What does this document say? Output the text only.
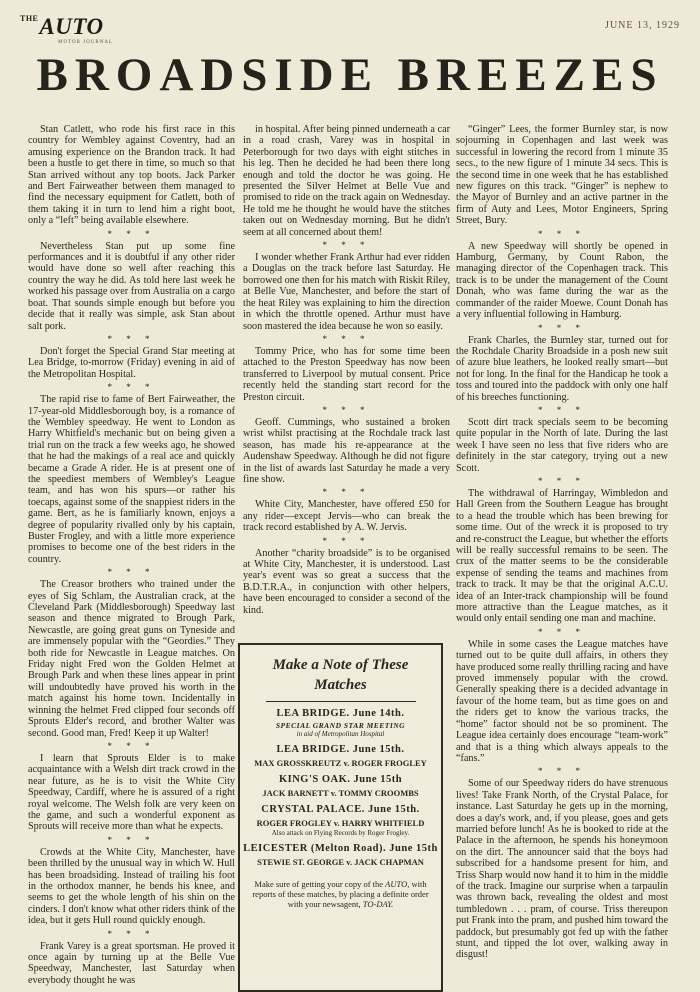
$^{THE}$AUTO
MOTOR JOURNAL
JUNE 13, 1929
BROADSIDE BREEZES

Stan Catlett, who rode his first race in this country for Wembley against Coventry, had an amusing experience on the Brandon track. It had been a hustle to get there in time, so much so that Stan arrived without any top boots. Jack Parker and Bert Fairweather between them managed to find the necessary equipment for Catlett, both of them taking it in turn to lend him a right boot, only a “left” being available elsewhere.

* * *

Nevertheless Stan put up some fine performances and it is doubtful if any other rider would have done so well after reaching this country the way he did. As told here last week he worked his passage over from Australia on a cargo boat. That sounds simple enough but before you decide that it really was simple, ask Stan about salt pork.

* * *

Don't forget the Special Grand Star meeting at Lea Bridge, to-morrow (Friday) evening in aid of the Metropolitan Hospital.

* * *

The rapid rise to fame of Bert Fairweather, the 17-year-old Middlesborough boy, is a romance of the Wembley speedway. He went to London as Harry Whitfield's mechanic but on being given a trial run on the track a few weeks ago, he showed that he had the makings of a real ace and quickly became a Grade A rider. He is at present one of the speediest members of Wembley's League team, and has won his spurs—or rather his toecaps, against some of the snappiest riders in the game. Bert, as he is familiarly known, enjoys a degree of popularity rivalled only by his captain, Buster Frogley, and with a little more experience promises to become one of the best riders in the country.

* * *

The Creasor brothers who trained under the eyes of Sig Schlam, the Australian crack, at the Cleveland Park (Middlesborough) Speedway last season and thence migrated to Brough Park, Newcastle, are going great guns on Tyneside and are immensely popular with the “Geordies.” They both ride for Newcastle in League matches. On Friday night Fred won the Golden Helmet at Brough Park and when these lines appear in print will undoubtedly have proved his worth in the match against his home town. Incidentally in winning the helmet Fred clipped four seconds off Sprouts Elder's record, and brother Walter was second. Good man, Fred! Keep it up Walter!

* * *

I learn that Sprouts Elder is to make acquaintance with a Welsh dirt track crowd in the near future, as he is to visit the White City Speedway, Cardiff, where he is assured of a right royal welcome. The Welsh folk are very keen on the game, and such a wonderful exponent as Sprouts will receive more than what he expects.

* * *

Crowds at the White City, Manchester, have been thrilled by the unusual way in which W. Hull has been broadsiding. Instead of trailing his foot in the orthodox manner, he bends his knee, and seems to get the whole length of his shin on the cinders. I don't know what other riders think of the idea, but it gets Hull round quickly enough.

* * *

Frank Varey is a great sportsman. He proved it once again by turning up at the Belle Vue Speedway, Manchester, last Saturday when everybody thought he was

in hospital. After being pinned underneath a car in a road crash, Varey was in hospital in Peterborough for two days with eight stitches in his leg. Then he decided he had been there long enough and told the doctor he was going. He presented the Silver Helmet at Belle Vue and promised to ride on the track again on Wednesday. He told me he thought he would have the stitches taken out on Wednesday morning. But he didn't seem at all concerned about them!

* * *

I wonder whether Frank Arthur had ever ridden a Douglas on the track before last Saturday. He borrowed one then for his match with Riskit Riley, at Belle Vue, Manchester, and before the start of the heat Riley was explaining to him the direction in which the throttle opened. Arthur must have soon mastered the idea because he won so easily.

* * *

Tommy Price, who has for some time been attached to the Preston Speedway has now been transferred to Liverpool by mutual consent. Price recently held the standing start record for the Preston circuit.

* * *

Geoff. Cummings, who sustained a broken wrist whilst practising at the Rochdale track last season, has made his re-appearance at the Audenshaw Speedway. Although he did not figure in the list of awards last Saturday he made a very fine show.

* * *

White City, Manchester, have offered £50 for any rider—except Jervis—who can break the track record established by A. W. Jervis.

* * *

Another “charity broadside” is to be organised at White City, Manchester, it is understood. Last year's event was so great a success that the B.D.T.R.A., in conjunction with other helpers, have been encouraged to consider a second of the kind.

“Ginger” Lees, the former Burnley star, is now sojourning in Copenhagen and last week was successful in lowering the record from 1 minute 35 secs., to the new figure of 1 minute 34 secs. This is the second time in one week that he has established new figures on this track. “Ginger” is nephew to the Mayor of Burnley and an active partner in the firm of Auty and Lees, Motor Engineers, Spring Street, Bury.

* * *

A new Speedway will shortly be opened in Hamburg, Germany, by Count Rabon, the managing director of the Copenhagen track. This track is to be under the management of the Count Donah, who was fame during the war as the commander of the raider Moewe. Count Donah has a very influential following in Hamburg.

* * *

Frank Charles, the Burnley star, turned out for the Rochdale Charity Broadside in a posh new suit of azure blue leathers, he looked really smart—but not for long. In the final for the Handicap he took a toss and toured into the paddock with only one half of his breeches functioning.

* * *

Scott dirt track specials seem to be becoming quite popular in the North of late. During the last week I have seen no less that five riders who are definitely in the star category, trying out a new Scott.

* * *

The withdrawal of Harringay, Wimbledon and Hall Green from the Southern League has brought to a head the trouble which has been brewing for some time. Out of the wreck it is proposed to try and re-construct the League, but whether the efforts will be really successful remains to be seen. The crux of the matter seems to be the considerable expense of sending the teams and machines from track to track. It may be that the original A.C.U. idea of an Inter-track championship will be found more attractive than the League matches, as it would only entail sending one man and machine.

* * *

While in some cases the League matches have turned out to be quite dull affairs, in others they have produced some really thrilling racing and have proved immensely popular with the crowd. Generally speaking there is a decided advantage in favour of the home team, but as time goes on and the riders get to know the various tracks, the “home” factor should not be so prominent. The League idea certainly does encourage “team-work” and that is a thing which always appeals to the “fans.”

* * *

Some of our Speedway riders do have strenuous lives! Take Frank North, of the Crystal Palace, for instance. Last Saturday he gets up in the morning, does a day's work, and, if you please, goes and gets married before lunch! As he is booked to ride at the Palace in the afternoon, he spends his honeymoon on the dirt. The announcer said that the boys had subscribed for a handsome present for him, and Triss Sharp would now hand it to him in the middle of the track. Imagine our surprise when a tarpaulin was thrown back, revealing the oldest and most tumbledown . . . pram, of course. Triss thereupon put Frank into the pram, and pushed him toward the paddock, but presumably got fed up with the father stunt, and tipped the lot over, walking away in disgust!

Make a Note of These
Matches
LEA BRIDGE. June 14th.
SPECIAL GRAND STAR MEETING
in aid of Metropolitan Hospital
LEA BRIDGE. June 15th.
MAX GROSSKREUTZ v. ROGER FROGLEY
KING'S OAK. June 15th
JACK BARNETT v. TOMMY CROOMBS
CRYSTAL PALACE. June 15th.
ROGER FROGLEY v. HARRY WHITFIELD
Also attack on Flying Records by Roger Frogley.
LEICESTER (Melton Road). June 15th
STEWIE ST. GEORGE v. JACK CHAPMAN
Make sure of getting your copy of the AUTO, with reports of these matches, by placing a definite order with your newsagent, TO-DAY.
